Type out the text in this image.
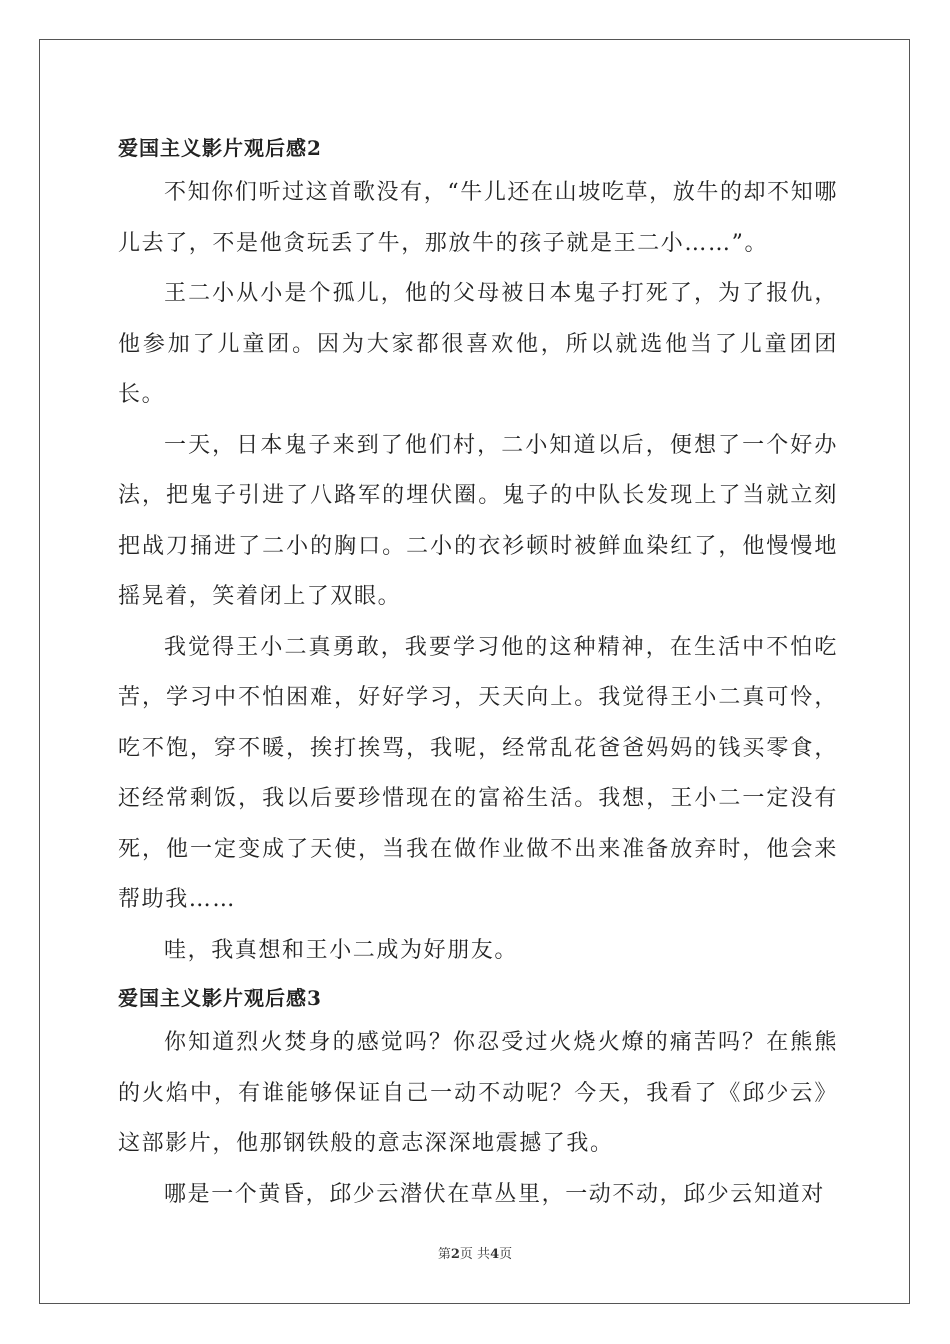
爱国主义影片观后感2

不知你们听过这首歌没有，“牛儿还在山坡吃草，放牛的却不知哪儿去了，不是他贪玩丢了牛，那放牛的孩子就是王二小……”。

王二小从小是个孤儿，他的父母被日本鬼子打死了，为了报仇，他参加了儿童团。因为大家都很喜欢他，所以就选他当了儿童团团长。

一天，日本鬼子来到了他们村，二小知道以后，便想了一个好办法，把鬼子引进了八路军的埋伏圈。鬼子的中队长发现上了当就立刻把战刀捅进了二小的胸口。二小的衣衫顿时被鲜血染红了，他慢慢地摇晃着，笑着闭上了双眼。

我觉得王小二真勇敢，我要学习他的这种精神，在生活中不怕吃苦，学习中不怕困难，好好学习，天天向上。我觉得王小二真可怜，吃不饱，穿不暖，挨打挨骂，我呢，经常乱花爸爸妈妈的钱买零食，还经常剩饭，我以后要珍惜现在的富裕生活。我想，王小二一定没有死，他一定变成了天使，当我在做作业做不出来准备放弃时，他会来帮助我……

哇，我真想和王小二成为好朋友。

爱国主义影片观后感3

你知道烈火焚身的感觉吗？你忍受过火烧火燎的痛苦吗？在熊熊的火焰中，有谁能够保证自己一动不动呢？今天，我看了《邱少云》这部影片，他那钢铁般的意志深深地震撼了我。

哪是一个黄昏，邱少云潜伏在草丛里，一动不动，邱少云知道对

第2页 共4页
